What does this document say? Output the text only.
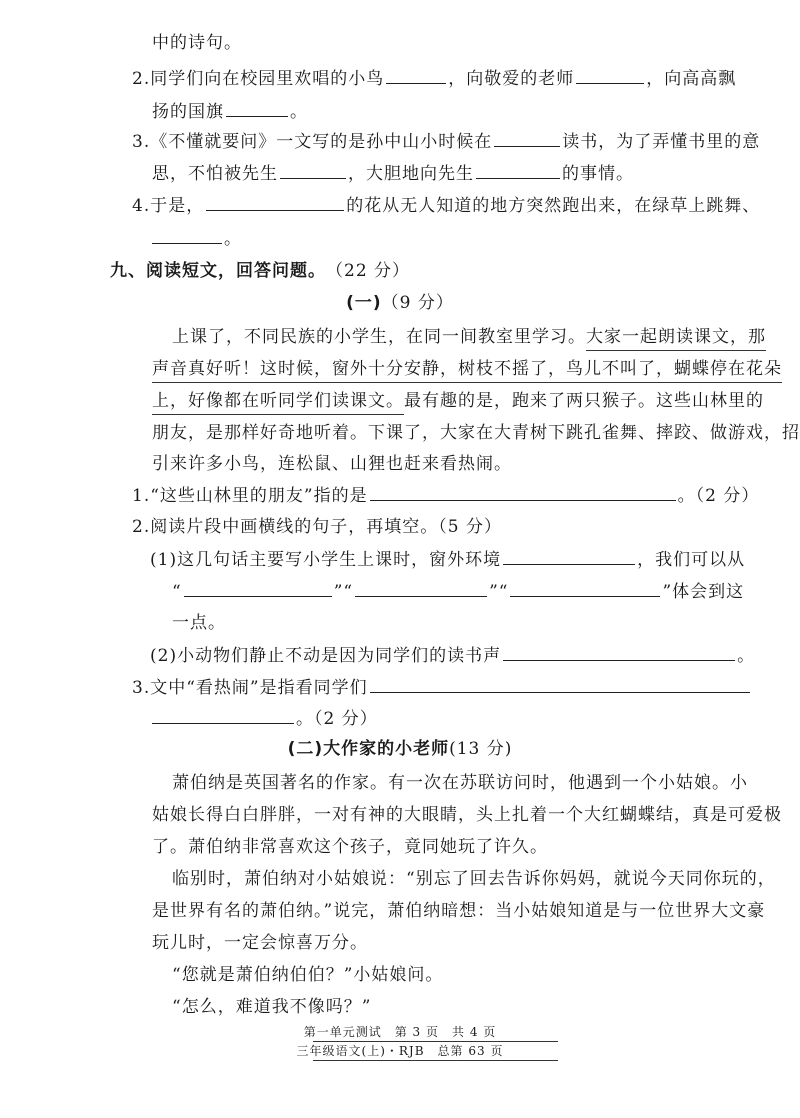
中的诗句。
2.同学们向在校园里欢唱的小鸟	，向敬爱的老师	，向高高飘
扬的国旗	。
3.《不懂就要问》一文写的是孙中山小时候在	读书，为了弄懂书里的意
思，不怕被先生	，大胆地向先生	的事情。
4.于是，	的花从无人知道的地方突然跑出来，在绿草上跳舞、
。
九、阅读短文，回答问题。（22 分）
(一)（9 分）
上课了，不同民族的小学生，在同一间教室里学习。大家一起朗读课文，那
声音真好听！这时候，窗外十分安静，树枝不摇了，鸟儿不叫了，蝴蝶停在花朵
上，好像都在听同学们读课文。最有趣的是，跑来了两只猴子。这些山林里的
朋友，是那样好奇地听着。下课了，大家在大青树下跳孔雀舞、摔跤、做游戏，招
引来许多小鸟，连松鼠、山狸也赶来看热闹。
1.“这些山林里的朋友”指的是	。（2 分）
2.阅读片段中画横线的句子，再填空。（5 分）
(1)这几句话主要写小学生上课时，窗外环境	，我们可以从
“	”“	”“	”体会到这
一点。
(2)小动物们静止不动是因为同学们的读书声	。
3.文中“看热闹”是指看同学们
。（2 分）
(二)大作家的小老师(13 分)
萧伯纳是英国著名的作家。有一次在苏联访问时，他遇到一个小姑娘。小
姑娘长得白白胖胖，一对有神的大眼睛，头上扎着一个大红蝴蝶结，真是可爱极
了。萧伯纳非常喜欢这个孩子，竟同她玩了许久。
临别时，萧伯纳对小姑娘说：“别忘了回去告诉你妈妈，就说今天同你玩的，
是世界有名的萧伯纳。”说完，萧伯纳暗想：当小姑娘知道是与一位世界大文豪
玩儿时，一定会惊喜万分。
“您就是萧伯纳伯伯？”小姑娘问。
“怎么，难道我不像吗？”
第一单元测试　第 3 页　共 4 页
三年级语文(上)・RJB　总第 63 页
